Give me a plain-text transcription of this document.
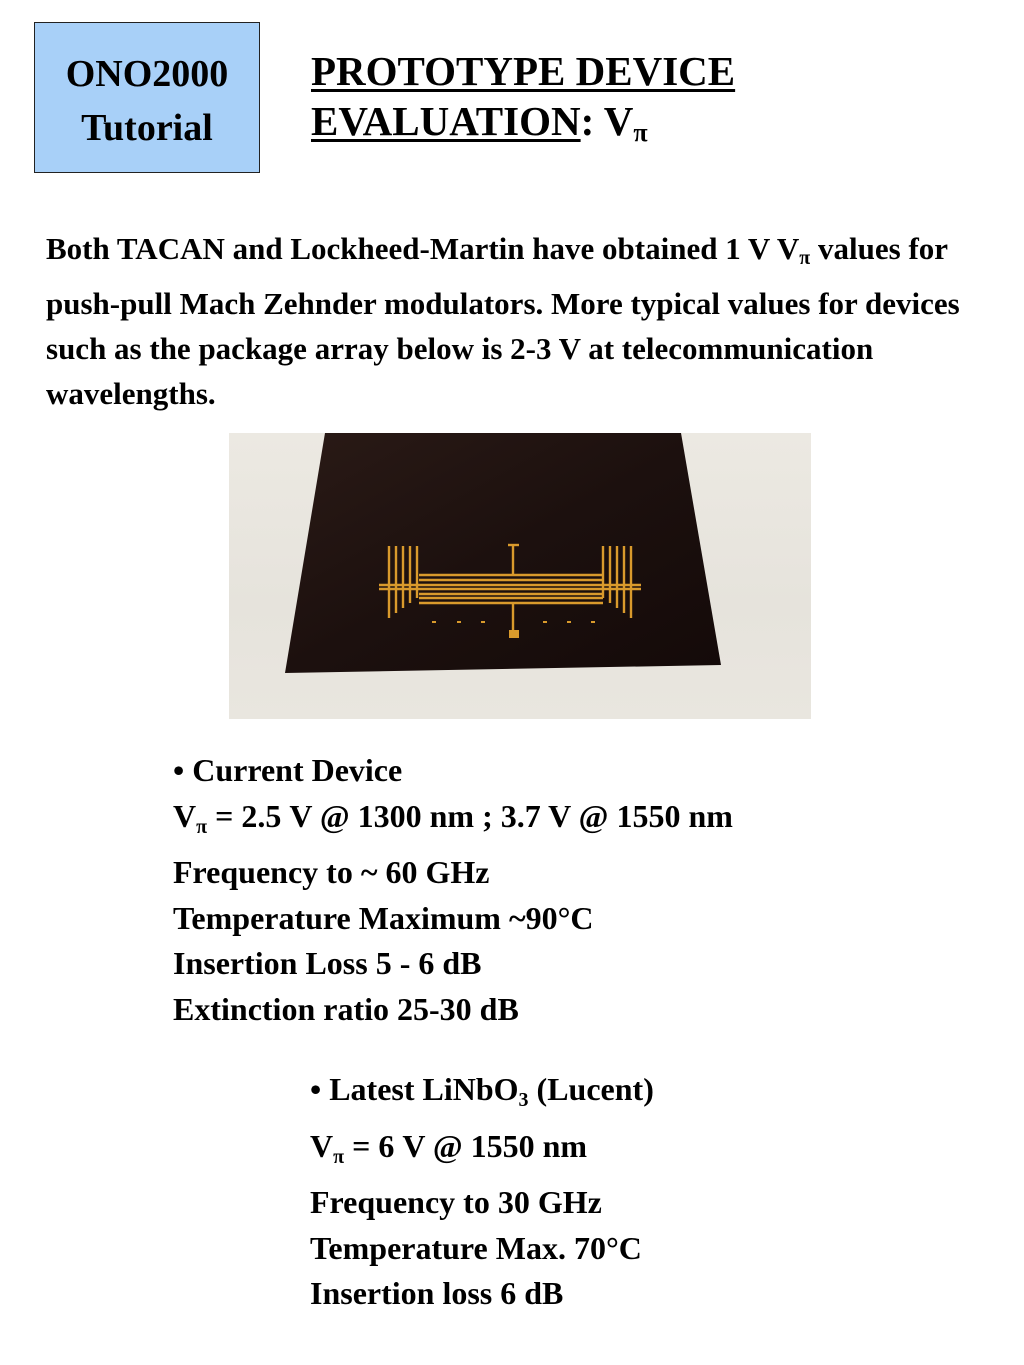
ONO2000
Tutorial
PROTOTYPE DEVICE
EVALUATION: $V_\pi$
Both TACAN and Lockheed-Martin have obtained 1 V $V_\pi$ values for push-pull Mach Zehnder modulators. More typical values for devices such as the package array below is 2-3 V at telecommunication wavelengths.
• Current Device
$V_\pi = 2.5$ V @ 1300 nm ; 3.7 V @ 1550 nm
Frequency to ~ 60 GHz
Temperature Maximum ~90°C
Insertion Loss 5 - 6 dB
Extinction ratio 25-30 dB
• Latest LiNbO$_3$ (Lucent)
$V_\pi = 6$ V @ 1550 nm
Frequency to 30 GHz
Temperature Max. 70°C
Insertion loss 6 dB
